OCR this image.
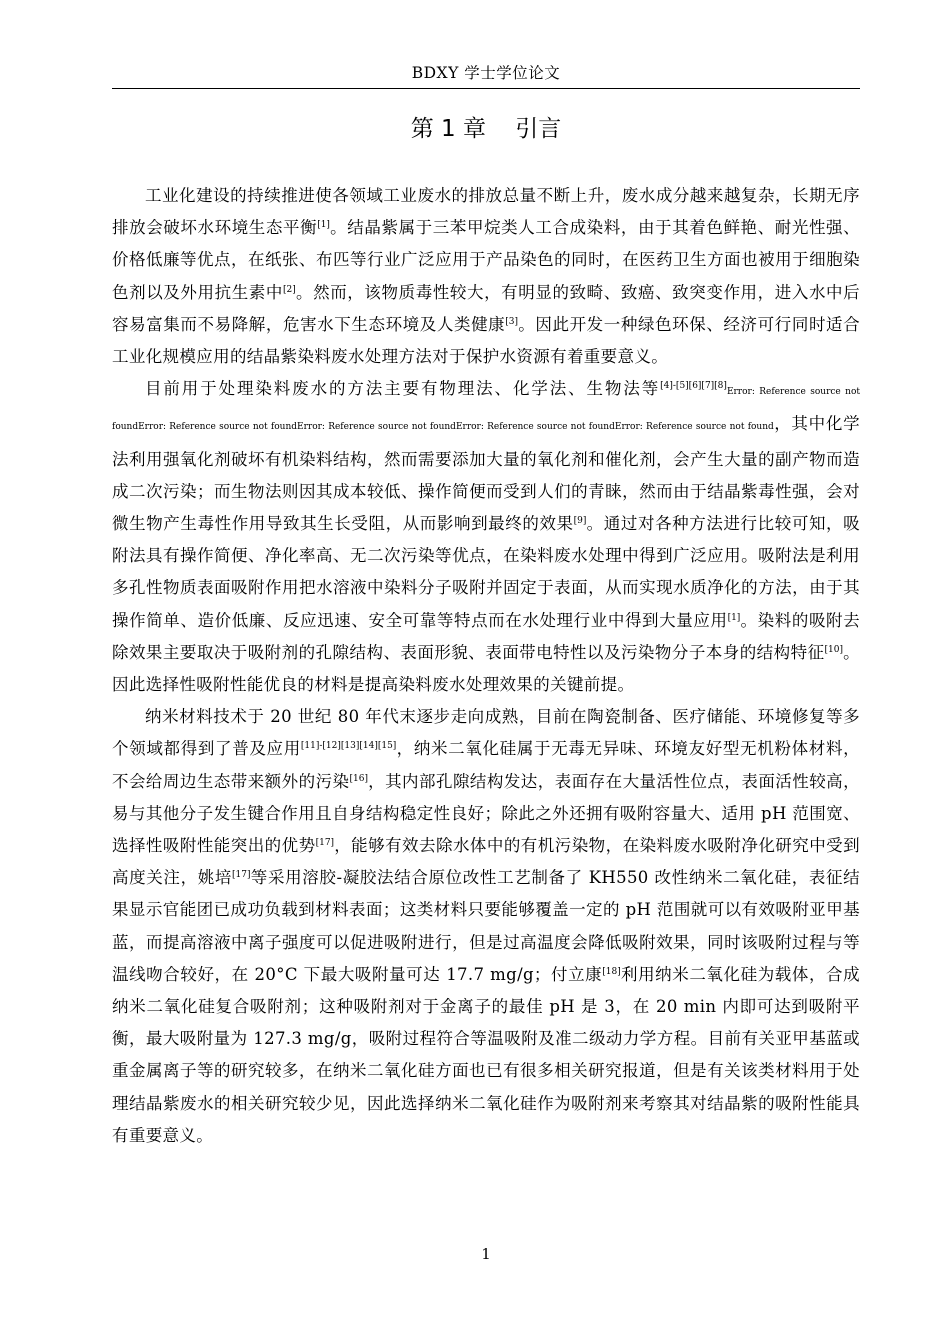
BDXY 学士学位论文
第 1 章    引言

工业化建设的持续推进使各领域工业废水的排放总量不断上升，废水成分越来越复杂，长期无序排放会破坏水环境生态平衡[1]。结晶紫属于三苯甲烷类人工合成染料，由于其着色鲜艳、耐光性强、价格低廉等优点，在纸张、布匹等行业广泛应用于产品染色的同时，在医药卫生方面也被用于细胞染色剂以及外用抗生素中[2]。然而，该物质毒性较大，有明显的致畸、致癌、致突变作用，进入水中后容易富集而不易降解，危害水下生态环境及人类健康[3]。因此开发一种绿色环保、经济可行同时适合工业化规模应用的结晶紫染料废水处理方法对于保护水资源有着重要意义。

目前用于处理染料废水的方法主要有物理法、化学法、生物法等[4]-[5][6][7][8]Error: Reference source not foundError: Reference source not foundError: Reference source not foundError: Reference source not foundError: Reference source not found，其中化学法利用强氧化剂破坏有机染料结构，然而需要添加大量的氧化剂和催化剂，会产生大量的副产物而造成二次污染；而生物法则因其成本较低、操作简便而受到人们的青睐，然而由于结晶紫毒性强，会对微生物产生毒性作用导致其生长受阻，从而影响到最终的效果[9]。通过对各种方法进行比较可知，吸附法具有操作简便、净化率高、无二次污染等优点，在染料废水处理中得到广泛应用。吸附法是利用多孔性物质表面吸附作用把水溶液中染料分子吸附并固定于表面，从而实现水质净化的方法，由于其操作简单、造价低廉、反应迅速、安全可靠等特点而在水处理行业中得到大量应用[1]。染料的吸附去除效果主要取决于吸附剂的孔隙结构、表面形貌、表面带电特性以及污染物分子本身的结构特征[10]。因此选择性吸附性能优良的材料是提高染料废水处理效果的关键前提。

纳米材料技术于 20 世纪 80 年代末逐步走向成熟，目前在陶瓷制备、医疗储能、环境修复等多个领域都得到了普及应用[11]-[12][13][14][15]，纳米二氧化硅属于无毒无异味、环境友好型无机粉体材料，不会给周边生态带来额外的污染[16]，其内部孔隙结构发达，表面存在大量活性位点，表面活性较高，易与其他分子发生键合作用且自身结构稳定性良好；除此之外还拥有吸附容量大、适用 pH 范围宽、选择性吸附性能突出的优势[17]，能够有效去除水体中的有机污染物，在染料废水吸附净化研究中受到高度关注，姚培[17]等采用溶胶-凝胶法结合原位改性工艺制备了 KH550 改性纳米二氧化硅，表征结果显示官能团已成功负载到材料表面；这类材料只要能够覆盖一定的 pH 范围就可以有效吸附亚甲基蓝，而提高溶液中离子强度可以促进吸附进行，但是过高温度会降低吸附效果，同时该吸附过程与等温线吻合较好，在 20°C 下最大吸附量可达 17.7 mg/g；付立康[18]利用纳米二氧化硅为载体，合成纳米二氧化硅复合吸附剂；这种吸附剂对于金离子的最佳 pH 是 3，在 20 min 内即可达到吸附平衡，最大吸附量为 127.3 mg/g，吸附过程符合等温吸附及准二级动力学方程。目前有关亚甲基蓝或重金属离子等的研究较多，在纳米二氧化硅方面也已有很多相关研究报道，但是有关该类材料用于处理结晶紫废水的相关研究较少见，因此选择纳米二氧化硅作为吸附剂来考察其对结晶紫的吸附性能具有重要意义。

1
